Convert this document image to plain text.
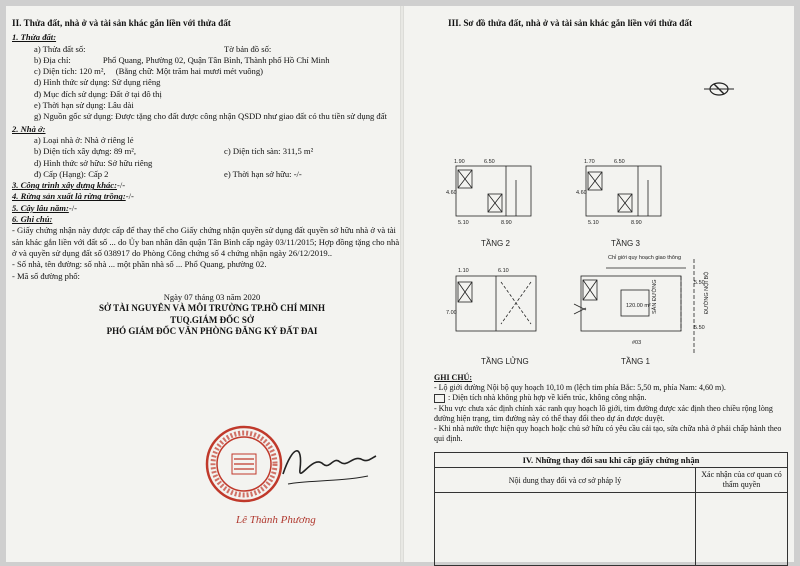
II. Thửa đất, nhà ở và tài sản khác gắn liền với thửa đất
1. Thửa đất:
a) Thửa đất số:	Tờ bản đồ số:
b) Địa chỉ:	Phổ Quang, Phường 02, Quận Tân Bình, Thành phố Hồ Chí Minh
c) Diện tích: 120 m², (Bằng chữ: Một trăm hai mươi mét vuông)
d) Hình thức sử dụng: Sử dụng riêng
đ) Mục đích sử dụng: Đất ở tại đô thị
e) Thời hạn sử dụng: Lâu dài
g) Nguồn gốc sử dụng: Được tặng cho đất được công nhận QSDD như giao đất có thu tiền sử dụng đất
2. Nhà ở:
a) Loại nhà ở: Nhà ở riêng lẻ
b) Diện tích xây dựng: 89 m²,	c) Diện tích sàn: 311,5 m²
d) Hình thức sở hữu: Sở hữu riêng
đ) Cấp (Hạng): Cấp 2	e) Thời hạn sở hữu: -/-
3. Công trình xây dựng khác:-/-
4. Rừng sản xuất là rừng trồng:-/-
5. Cây lâu năm:-/-
6. Ghi chú:
- Giấy chứng nhận này được cấp để thay thế cho Giấy chứng nhận quyền sử dụng đất quyền sở hữu nhà ở và tài sản khác gắn liền với đất số ... do Ủy ban nhân dân quận Tân Bình cấp ngày 03/11/2015; Hợp đồng tặng cho nhà ở và quyền sử dụng đất số 038917 do Phòng Công chứng số 4 chứng nhận ngày 26/12/2019..
- Số nhà, tên đường: số nhà ... một phần nhà số ... Phổ Quang, phường 02.
- Mã số đường phố:
Ngày 07 tháng 03 năm 2020
SỞ TÀI NGUYÊN VÀ MÔI TRƯỜNG TP.HỒ CHÍ MINH
TUQ.GIÁM ĐỐC SỞ
PHÓ GIÁM ĐỐC VĂN PHÒNG ĐĂNG KÝ ĐẤT ĐAI
Lê Thành Phương
III. Sơ đồ thửa đất, nhà ở và tài sản khác gắn liền với thửa đất
1.90	6.50	1.70	6.50
4.60	4.60
5.10	8.90	5.10	8.90
1.10	6.10
7.00
5.50
5.50
#03
Chỉ giới quy hoạch giao thông
120.00 m² SÂN ĐƯỜNG	ĐƯỜNG NỘI BỘ
TẦNG 2	TẦNG 3
TẦNG LỬNG	TẦNG 1
GHI CHÚ:
- Lộ giới đường Nội bộ quy hoạch 10,10 m (lệch tim phía Bắc: 5,50 m, phía Nam: 4,60 m).
: Diện tích nhà không phù hợp về kiến trúc, không công nhận.
- Khu vực chưa xác định chính xác ranh quy hoạch lô giới, tim đường được xác định theo chiều rộng lòng đường hiện trạng, tim đường này có thể thay đổi theo dự án được duyệt.
- Khi nhà nước thực hiện quy hoạch hoặc chủ sở hữu có yêu cầu cải tạo, sửa chữa nhà ở phải chấp hành theo qui định.
IV. Những thay đổi sau khi cấp giấy chứng nhận
Nội dung thay đổi và cơ sở pháp lý
Xác nhận của cơ quan có thẩm quyền
